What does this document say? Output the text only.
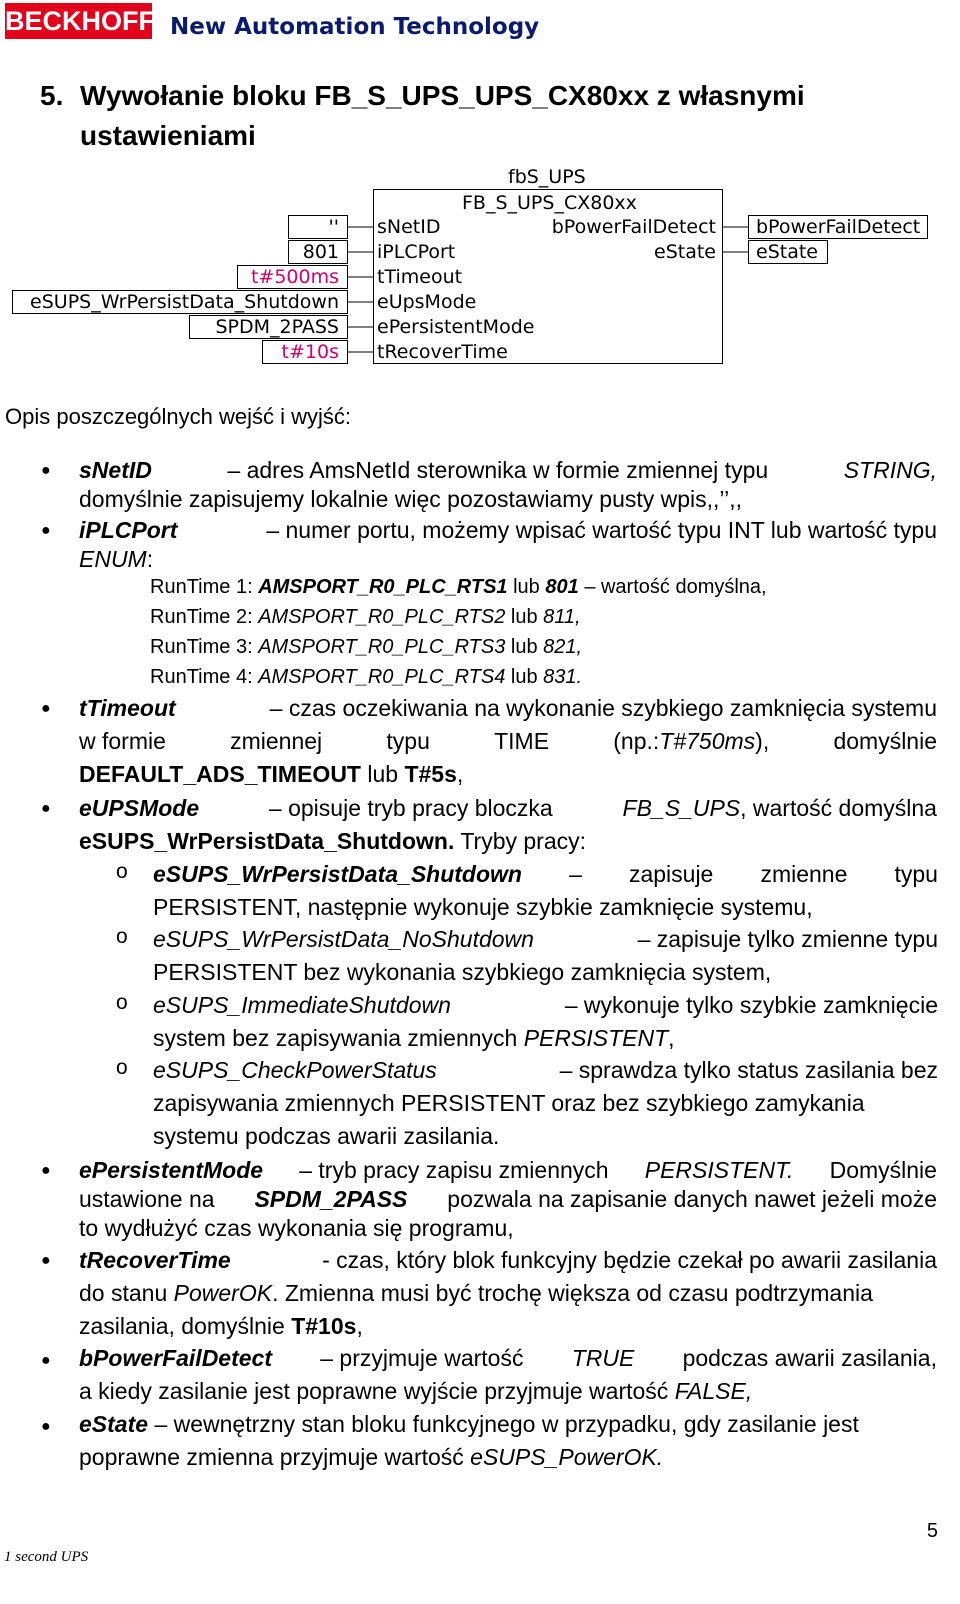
BECKHOFF New Automation Technology
5. Wywołanie bloku FB_S_UPS_UPS_CX80xx z własnymi ustawieniami
fbS_UPS
FB_S_UPS_CX80xx
sNetID
iPLCPort
tTimeout
eUpsMode
ePersistentMode
tRecoverTime
bPowerFailDetect
eState
''
801
t#500ms
eSUPS_WrPersistData_Shutdown
SPDM_2PASS
t#10s
bPowerFailDetect
eState
Opis poszczególnych wejść i wyjść:
● sNetID	– adres AmsNetId sterownika w formie zmiennej typu	STRING,
domyślnie zapisujemy lokalnie więc pozostawiamy pusty wpis,,’’,,
● iPLCPort	– numer portu, możemy wpisać wartość typu INT lub wartość typu
ENUM:
RunTime 1: AMSPORT_R0_PLC_RTS1 lub 801 – wartość domyślna,
RunTime 2: AMSPORT_R0_PLC_RTS2 lub 811,
RunTime 3: AMSPORT_R0_PLC_RTS3 lub 821,
RunTime 4: AMSPORT_R0_PLC_RTS4 lub 831.
● tTimeout	– czas oczekiwania na wykonanie szybkiego zamknięcia systemu
w formie	zmiennej	typu	TIME	(np.:T#750ms),	domyślnie
DEFAULT_ADS_TIMEOUT lub T#5s,
● eUPSMode	– opisuje tryb pracy bloczka	FB_S_UPS, wartość domyślna
eSUPS_WrPersistData_Shutdown. Tryby pracy:
o eSUPS_WrPersistData_Shutdown – zapisuje zmienne typu
PERSISTENT, następnie wykonuje szybkie zamknięcie systemu,
o eSUPS_WrPersistData_NoShutdown	– zapisuje tylko zmienne typu
PERSISTENT bez wykonania szybkiego zamknięcia system,
o eSUPS_ImmediateShutdown	– wykonuje tylko szybkie zamknięcie
system bez zapisywania zmiennych PERSISTENT,
o eSUPS_CheckPowerStatus	– sprawdza tylko status zasilania bez
zapisywania zmiennych PERSISTENT oraz bez szybkiego zamykania
systemu podczas awarii zasilania.
● ePersistentMode – tryb pracy zapisu zmiennych PERSISTENT. Domyślnie
ustawione na SPDM_2PASS pozwala na zapisanie danych nawet jeżeli może
to wydłużyć czas wykonania się programu,
● tRecoverTime	- czas, który blok funkcyjny będzie czekał po awarii zasilania
do stanu PowerOK. Zmienna musi być trochę większa od czasu podtrzymania
zasilania, domyślnie T#10s,
● bPowerFailDetect – przyjmuje wartość TRUE podczas awarii zasilania,
a kiedy zasilanie jest poprawne wyjście przyjmuje wartość FALSE,
● eState – wewnętrzny stan bloku funkcyjnego w przypadku, gdy zasilanie jest
poprawne zmienna przyjmuje wartość eSUPS_PowerOK.
5
1 second UPS
